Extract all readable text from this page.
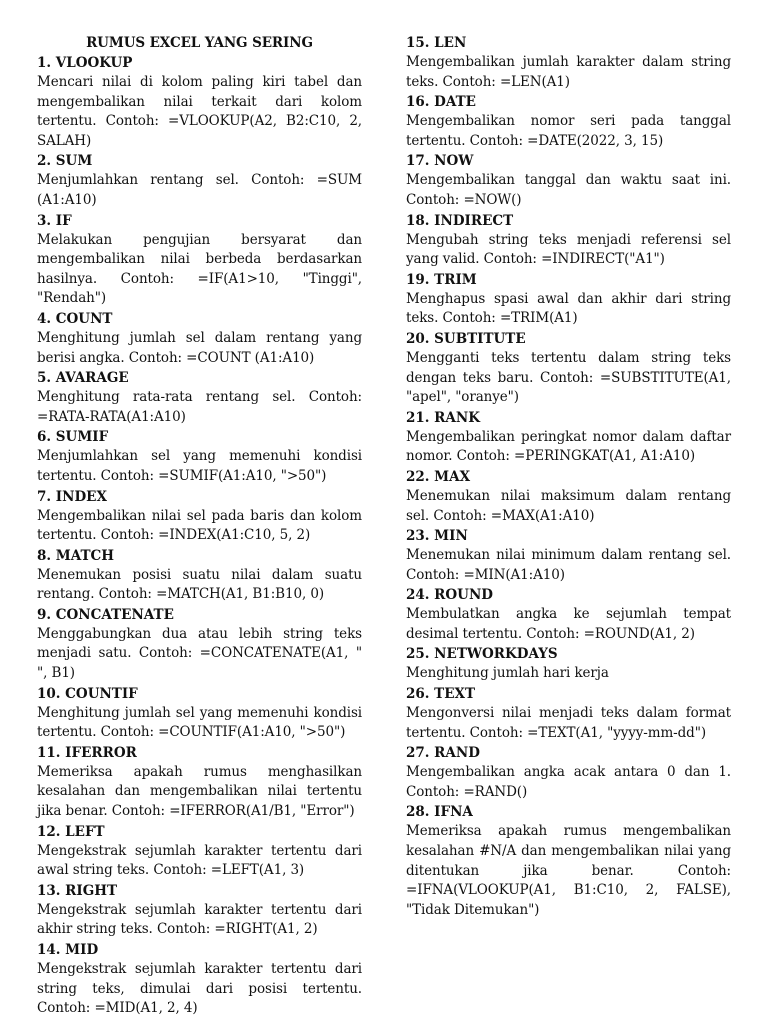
RUMUS EXCEL YANG SERING

1. VLOOKUP

Mencari nilai di kolom paling kiri tabel dan mengembalikan nilai terkait dari kolom tertentu. Contoh: =VLOOKUP(A2, B2:C10, 2, SALAH)

2. SUM

Menjumlahkan rentang sel. Contoh: =SUM (A1:A10)

3. IF

Melakukan pengujian bersyarat dan mengembalikan nilai berbeda berdasarkan hasilnya. Contoh: =IF(A1>10, "Tinggi", "Rendah")

4. COUNT

Menghitung jumlah sel dalam rentang yang berisi angka. Contoh: =COUNT (A1:A10)

5. AVARAGE

Menghitung rata-rata rentang sel. Contoh: =RATA-RATA(A1:A10)

6. SUMIF

Menjumlahkan sel yang memenuhi kondisi tertentu. Contoh: =SUMIF(A1:A10, ">50")

7. INDEX

Mengembalikan nilai sel pada baris dan kolom tertentu. Contoh: =INDEX(A1:C10, 5, 2)

8. MATCH

Menemukan posisi suatu nilai dalam suatu rentang. Contoh: =MATCH(A1, B1:B10, 0)

9. CONCATENATE

Menggabungkan dua atau lebih string teks menjadi satu. Contoh: =CONCATENATE(A1, " ", B1)

10. COUNTIF

Menghitung jumlah sel yang memenuhi kondisi tertentu. Contoh: =COUNTIF(A1:A10, ">50")

11. IFERROR

Memeriksa apakah rumus menghasilkan kesalahan dan mengembalikan nilai tertentu jika benar. Contoh: =IFERROR(A1/B1, "Error")

12. LEFT

Mengekstrak sejumlah karakter tertentu dari awal string teks. Contoh: =LEFT(A1, 3)

13. RIGHT

Mengekstrak sejumlah karakter tertentu dari akhir string teks. Contoh: =RIGHT(A1, 2)

14. MID

Mengekstrak sejumlah karakter tertentu dari string teks, dimulai dari posisi tertentu. Contoh: =MID(A1, 2, 4)

15. LEN

Mengembalikan jumlah karakter dalam string teks. Contoh: =LEN(A1)

16. DATE

Mengembalikan nomor seri pada tanggal tertentu. Contoh: =DATE(2022, 3, 15)

17. NOW

Mengembalikan tanggal dan waktu saat ini. Contoh: =NOW()

18. INDIRECT

Mengubah string teks menjadi referensi sel yang valid. Contoh: =INDIRECT("A1")

19. TRIM

Menghapus spasi awal dan akhir dari string teks. Contoh: =TRIM(A1)

20. SUBTITUTE

Mengganti teks tertentu dalam string teks dengan teks baru. Contoh: =SUBSTITUTE(A1, "apel", "oranye")

21. RANK

Mengembalikan peringkat nomor dalam daftar nomor. Contoh: =PERINGKAT(A1, A1:A10)

22. MAX

Menemukan nilai maksimum dalam rentang sel. Contoh: =MAX(A1:A10)

23. MIN

Menemukan nilai minimum dalam rentang sel. Contoh: =MIN(A1:A10)

24. ROUND

Membulatkan angka ke sejumlah tempat desimal tertentu. Contoh: =ROUND(A1, 2)

25. NETWORKDAYS

Menghitung jumlah hari kerja

26. TEXT

Mengonversi nilai menjadi teks dalam format tertentu. Contoh: =TEXT(A1, "yyyy-mm-dd")

27. RAND

Mengembalikan angka acak antara 0 dan 1. Contoh: =RAND()

28. IFNA

Memeriksa apakah rumus mengembalikan kesalahan #N/A dan mengembalikan nilai yang ditentukan jika benar. Contoh: =IFNA(VLOOKUP(A1, B1:C10, 2, FALSE), "Tidak Ditemukan")
